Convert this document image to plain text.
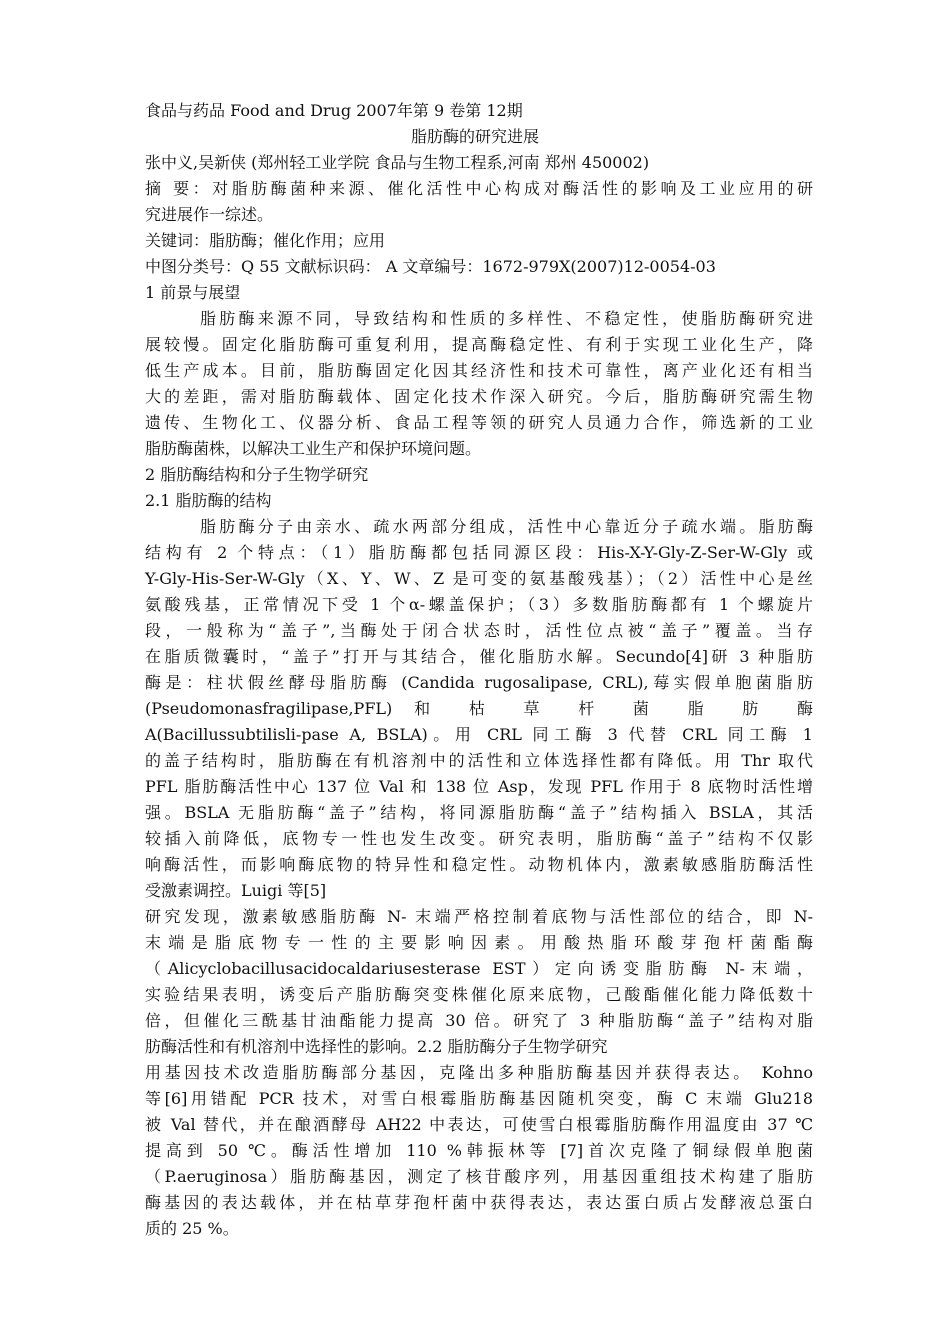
食品与药品 Food and Drug 2007年第 9 卷第 12期
脂肪酶的研究进展
张中义,吴新侠 (郑州轻工业学院 食品与生物工程系,河南 郑州 450002)
摘 要：对脂肪酶菌种来源、催化活性中心构成对酶活性的影响及工业应用的研
究进展作一综述。
关键词：脂肪酶；催化作用；应用
中图分类号：Q 55 文献标识码： A 文章编号：1672-979X(2007)12-0054-03
1 前景与展望
脂肪酶来源不同，导致结构和性质的多样性、不稳定性，使脂肪酶研究进
展较慢。固定化脂肪酶可重复利用，提高酶稳定性、有利于实现工业化生产，降
低生产成本。目前，脂肪酶固定化因其经济性和技术可靠性，离产业化还有相当
大的差距，需对脂肪酶载体、固定化技术作深入研究。今后，脂肪酶研究需生物
遗传、生物化工、仪器分析、食品工程等领的研究人员通力合作，筛选新的工业
脂肪酶菌株，以解决工业生产和保护环境问题。
2 脂肪酶结构和分子生物学研究
2.1 脂肪酶的结构
脂肪酶分子由亲水、疏水两部分组成，活性中心靠近分子疏水端。脂肪酶
结构有 2 个特点：（1）脂肪酶都包括同源区段：His-X-Y-Gly-Z-Ser-W-Gly 或
Y-Gly-His-Ser-W-Gly（X、Y、W、Z 是可变的氨基酸残基）；（2）活性中心是丝
氨酸残基，正常情况下受 1 个α-螺盖保护；（3）多数脂肪酶都有 1 个螺旋片
段，一般称为“盖子”,当酶处于闭合状态时，活性位点被“盖子”覆盖。当存
在脂质微囊时，“盖子”打开与其结合，催化脂肪水解。Secundo[4]研 3 种脂肪
酶是：柱状假丝酵母脂肪酶 (Candida rugosalipase, CRL),莓实假单胞菌脂肪
(Pseudomonasfragilipase,PFL) 和 枯 草 杆 菌 脂 肪 酶
A(Bacillussubtilisli-pase A, BSLA)。用 CRL 同工酶 3 代替 CRL 同工酶 1
的盖子结构时，脂肪酶在有机溶剂中的活性和立体选择性都有降低。用 Thr 取代
PFL 脂肪酶活性中心 137 位 Val 和 138 位 Asp，发现 PFL 作用于 8 底物时活性增
强。BSLA 无脂肪酶“盖子”结构，将同源脂肪酶“盖子”结构插入 BSLA，其活
较插入前降低，底物专一性也发生改变。研究表明，脂肪酶“盖子”结构不仅影
响酶活性，而影响酶底物的特异性和稳定性。动物机体内，激素敏感脂肪酶活性
受激素调控。Luigi 等[5]
研究发现，激素敏感脂肪酶 N- 末端严格控制着底物与活性部位的结合，即 N-
末端是脂底物专一性的主要影响因素。用酸热脂环酸芽孢杆菌酯酶
（Alicyclobacillusacidocaldariusesterase EST）定向诱变脂肪酶 N-末端，
实验结果表明，诱变后产脂肪酶突变株催化原来底物，己酸酯催化能力降低数十
倍，但催化三酰基甘油酯能力提高 30 倍。研究了 3 种脂肪酶“盖子”结构对脂
肪酶活性和有机溶剂中选择性的影响。2.2 脂肪酶分子生物学研究
用基因技术改造脂肪酶部分基因，克隆出多种脂肪酶基因并获得表达。 Kohno
等[6]用错配 PCR 技术，对雪白根霉脂肪酶基因随机突变，酶 C 末端 Glu218
被 Val 替代，并在酿酒酵母 AH22 中表达，可使雪白根霉脂肪酶作用温度由 37 ℃
提高到 50 ℃。酶活性增加 110 %韩振林等 [7]首次克隆了铜绿假单胞菌
（P.aeruginosa）脂肪酶基因，测定了核苷酸序列，用基因重组技术构建了脂肪
酶基因的表达载体，并在枯草芽孢杆菌中获得表达，表达蛋白质占发酵液总蛋白
质的 25 %。
